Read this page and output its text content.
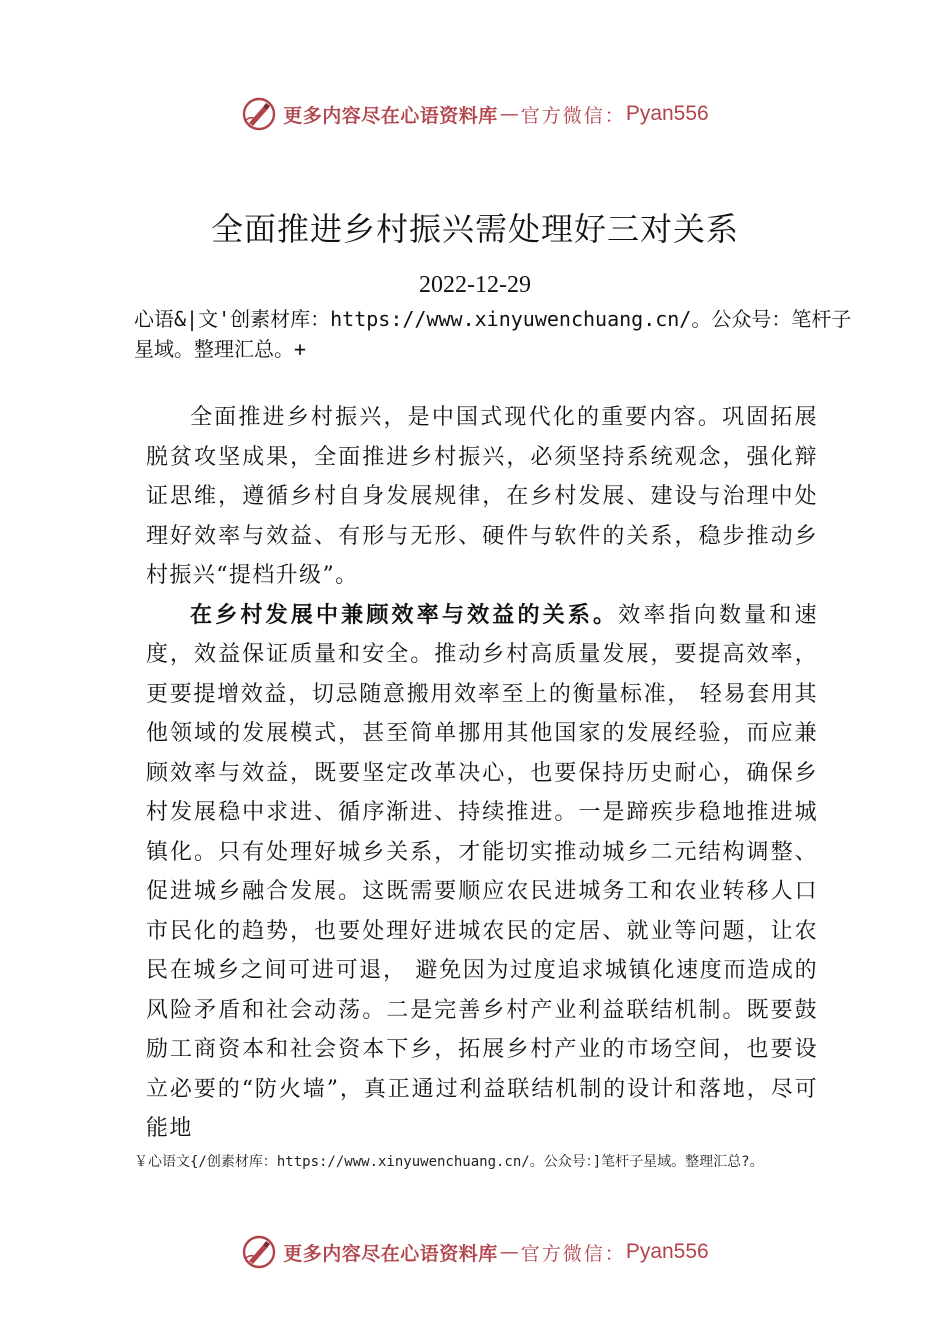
更多内容尽在心语资料库 — 官方微信： Pyan556
全面推进乡村振兴需处理好三对关系
2022-12-29
心语&|文'创素材库：https://www.xinyuwenchuang.cn/。公众号：笔杆子星域。整理汇总。+

全面推进乡村振兴，是中国式现代化的重要内容。巩固拓展脱贫攻坚成果，全面推进乡村振兴，必须坚持系统观念，强化辩证思维，遵循乡村自身发展规律，在乡村发展、建设与治理中处理好效率与效益、有形与无形、硬件与软件的关系，稳步推动乡村振兴“提档升级”。

在乡村发展中兼顾效率与效益的关系。效率指向数量和速度，效益保证质量和安全。推动乡村高质量发展，要提高效率，更要提增效益，切忌随意搬用效率至上的衡量标准， 轻易套用其他领域的发展模式，甚至简单挪用其他国家的发展经验，而应兼顾效率与效益，既要坚定改革决心，也要保持历史耐心，确保乡村发展稳中求进、循序渐进、持续推进。一是蹄疾步稳地推进城镇化。只有处理好城乡关系，才能切实推动城乡二元结构调整、促进城乡融合发展。这既需要顺应农民进城务工和农业转移人口市民化的趋势，也要处理好进城农民的定居、就业等问题，让农民在城乡之间可进可退， 避免因为过度追求城镇化速度而造成的风险矛盾和社会动荡。二是完善乡村产业利益联结机制。既要鼓励工商资本和社会资本下乡，拓展乡村产业的市场空间，也要设立必要的“防火墙”，真正通过利益联结机制的设计和落地，尽可能地

￥心语文{/创素材库：https://www.xinyuwenchuang.cn/。公众号：]笔杆子星域。整理汇总?。
更多内容尽在心语资料库 — 官方微信： Pyan556
